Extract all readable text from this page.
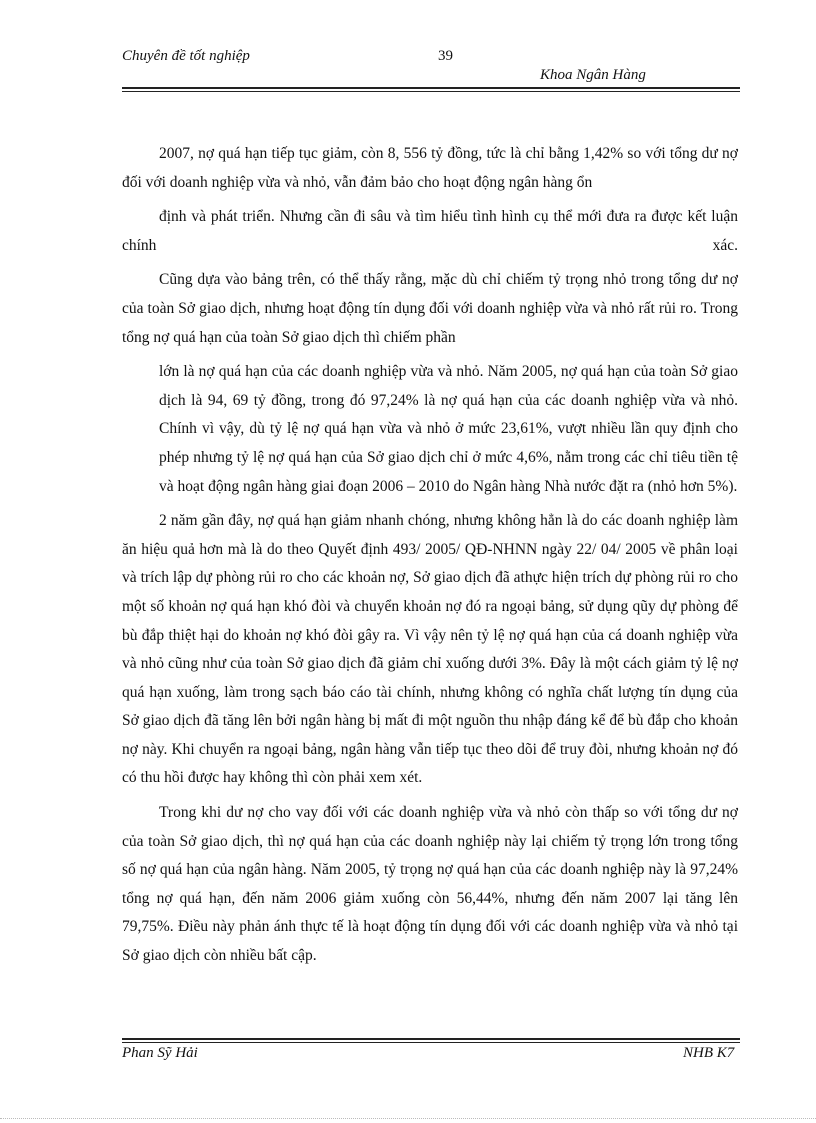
Chuyên đề tốt nghiệp	39
Khoa Ngân Hàng

2007, nợ quá hạn tiếp tục giảm, còn 8, 556 tỷ đồng, tức là chỉ bằng 1,42% so với tổng dư nợ đối với doanh nghiệp vừa và nhỏ, vẫn đảm bảo cho hoạt động ngân hàng ổn

định và phát triển. Nhưng cần đi sâu và tìm hiểu tình hình cụ thể mới đưa ra được kết luận chính xác.

Cũng dựa vào bảng trên, có thể thấy rằng, mặc dù chỉ chiếm tỷ trọng nhỏ trong tổng dư nợ của toàn Sở giao dịch, nhưng hoạt động tín dụng đối với doanh nghiệp vừa và nhỏ rất rủi ro. Trong tổng nợ quá hạn của toàn Sở giao dịch thì chiếm phần

lớn là nợ quá hạn của các doanh nghiệp vừa và nhỏ. Năm 2005, nợ quá hạn của toàn Sở giao dịch là 94, 69 tỷ đồng, trong đó 97,24% là nợ quá hạn của các doanh nghiệp vừa và nhỏ. Chính vì vậy, dù tỷ lệ nợ quá hạn vừa và nhỏ ở mức 23,61%, vượt nhiều lần quy định cho phép nhưng tỷ lệ nợ quá hạn của Sở giao dịch chỉ ở mức 4,6%, nằm trong các chỉ tiêu tiền tệ và hoạt động ngân hàng giai đoạn 2006 – 2010 do Ngân hàng Nhà nước đặt ra (nhỏ hơn 5%).

2 năm gần đây, nợ quá hạn giảm nhanh chóng, nhưng không hẳn là do các doanh nghiệp làm ăn hiệu quả hơn mà là do theo Quyết định 493/ 2005/ QĐ-NHNN ngày 22/ 04/ 2005 về phân loại và trích lập dự phòng rủi ro cho các khoản nợ, Sở giao dịch đã athực hiện trích dự phòng rủi ro cho một số khoản nợ quá hạn khó đòi và chuyển khoản nợ đó ra ngoại bảng, sử dụng qũy dự phòng để bù đắp thiệt hại do khoản nợ khó đòi gây ra. Vì vậy nên tỷ lệ nợ quá hạn của cá doanh nghiệp vừa và nhỏ cũng như của toàn Sở giao dịch đã giảm chỉ xuống dưới 3%. Đây là một cách giảm tỷ lệ nợ quá hạn xuống, làm trong sạch báo cáo tài chính, nhưng không có nghĩa chất lượng tín dụng của Sở giao dịch đã tăng lên bởi ngân hàng bị mất đi một nguồn thu nhập đáng kể để bù đắp cho khoản nợ này. Khi chuyển ra ngoại bảng, ngân hàng vẫn tiếp tục theo dõi để truy đòi, nhưng khoản nợ đó có thu hồi được hay không thì còn phải xem xét.

Trong khi dư nợ cho vay đối với các doanh nghiệp vừa và nhỏ còn thấp so với tổng dư nợ của toàn Sở giao dịch, thì nợ quá hạn của các doanh nghiệp này lại chiếm tỷ trọng lớn trong tổng số nợ quá hạn của ngân hàng. Năm 2005, tỷ trọng nợ quá hạn của các doanh nghiệp này là 97,24% tổng nợ quá hạn, đến năm 2006 giảm xuống còn 56,44%, nhưng đến năm 2007 lại tăng lên 79,75%. Điều này phản ánh thực tế là hoạt động tín dụng đối với các doanh nghiệp vừa và nhỏ tại Sở giao dịch còn nhiều bất cập.

Phan Sỹ Hải	NHB K7
